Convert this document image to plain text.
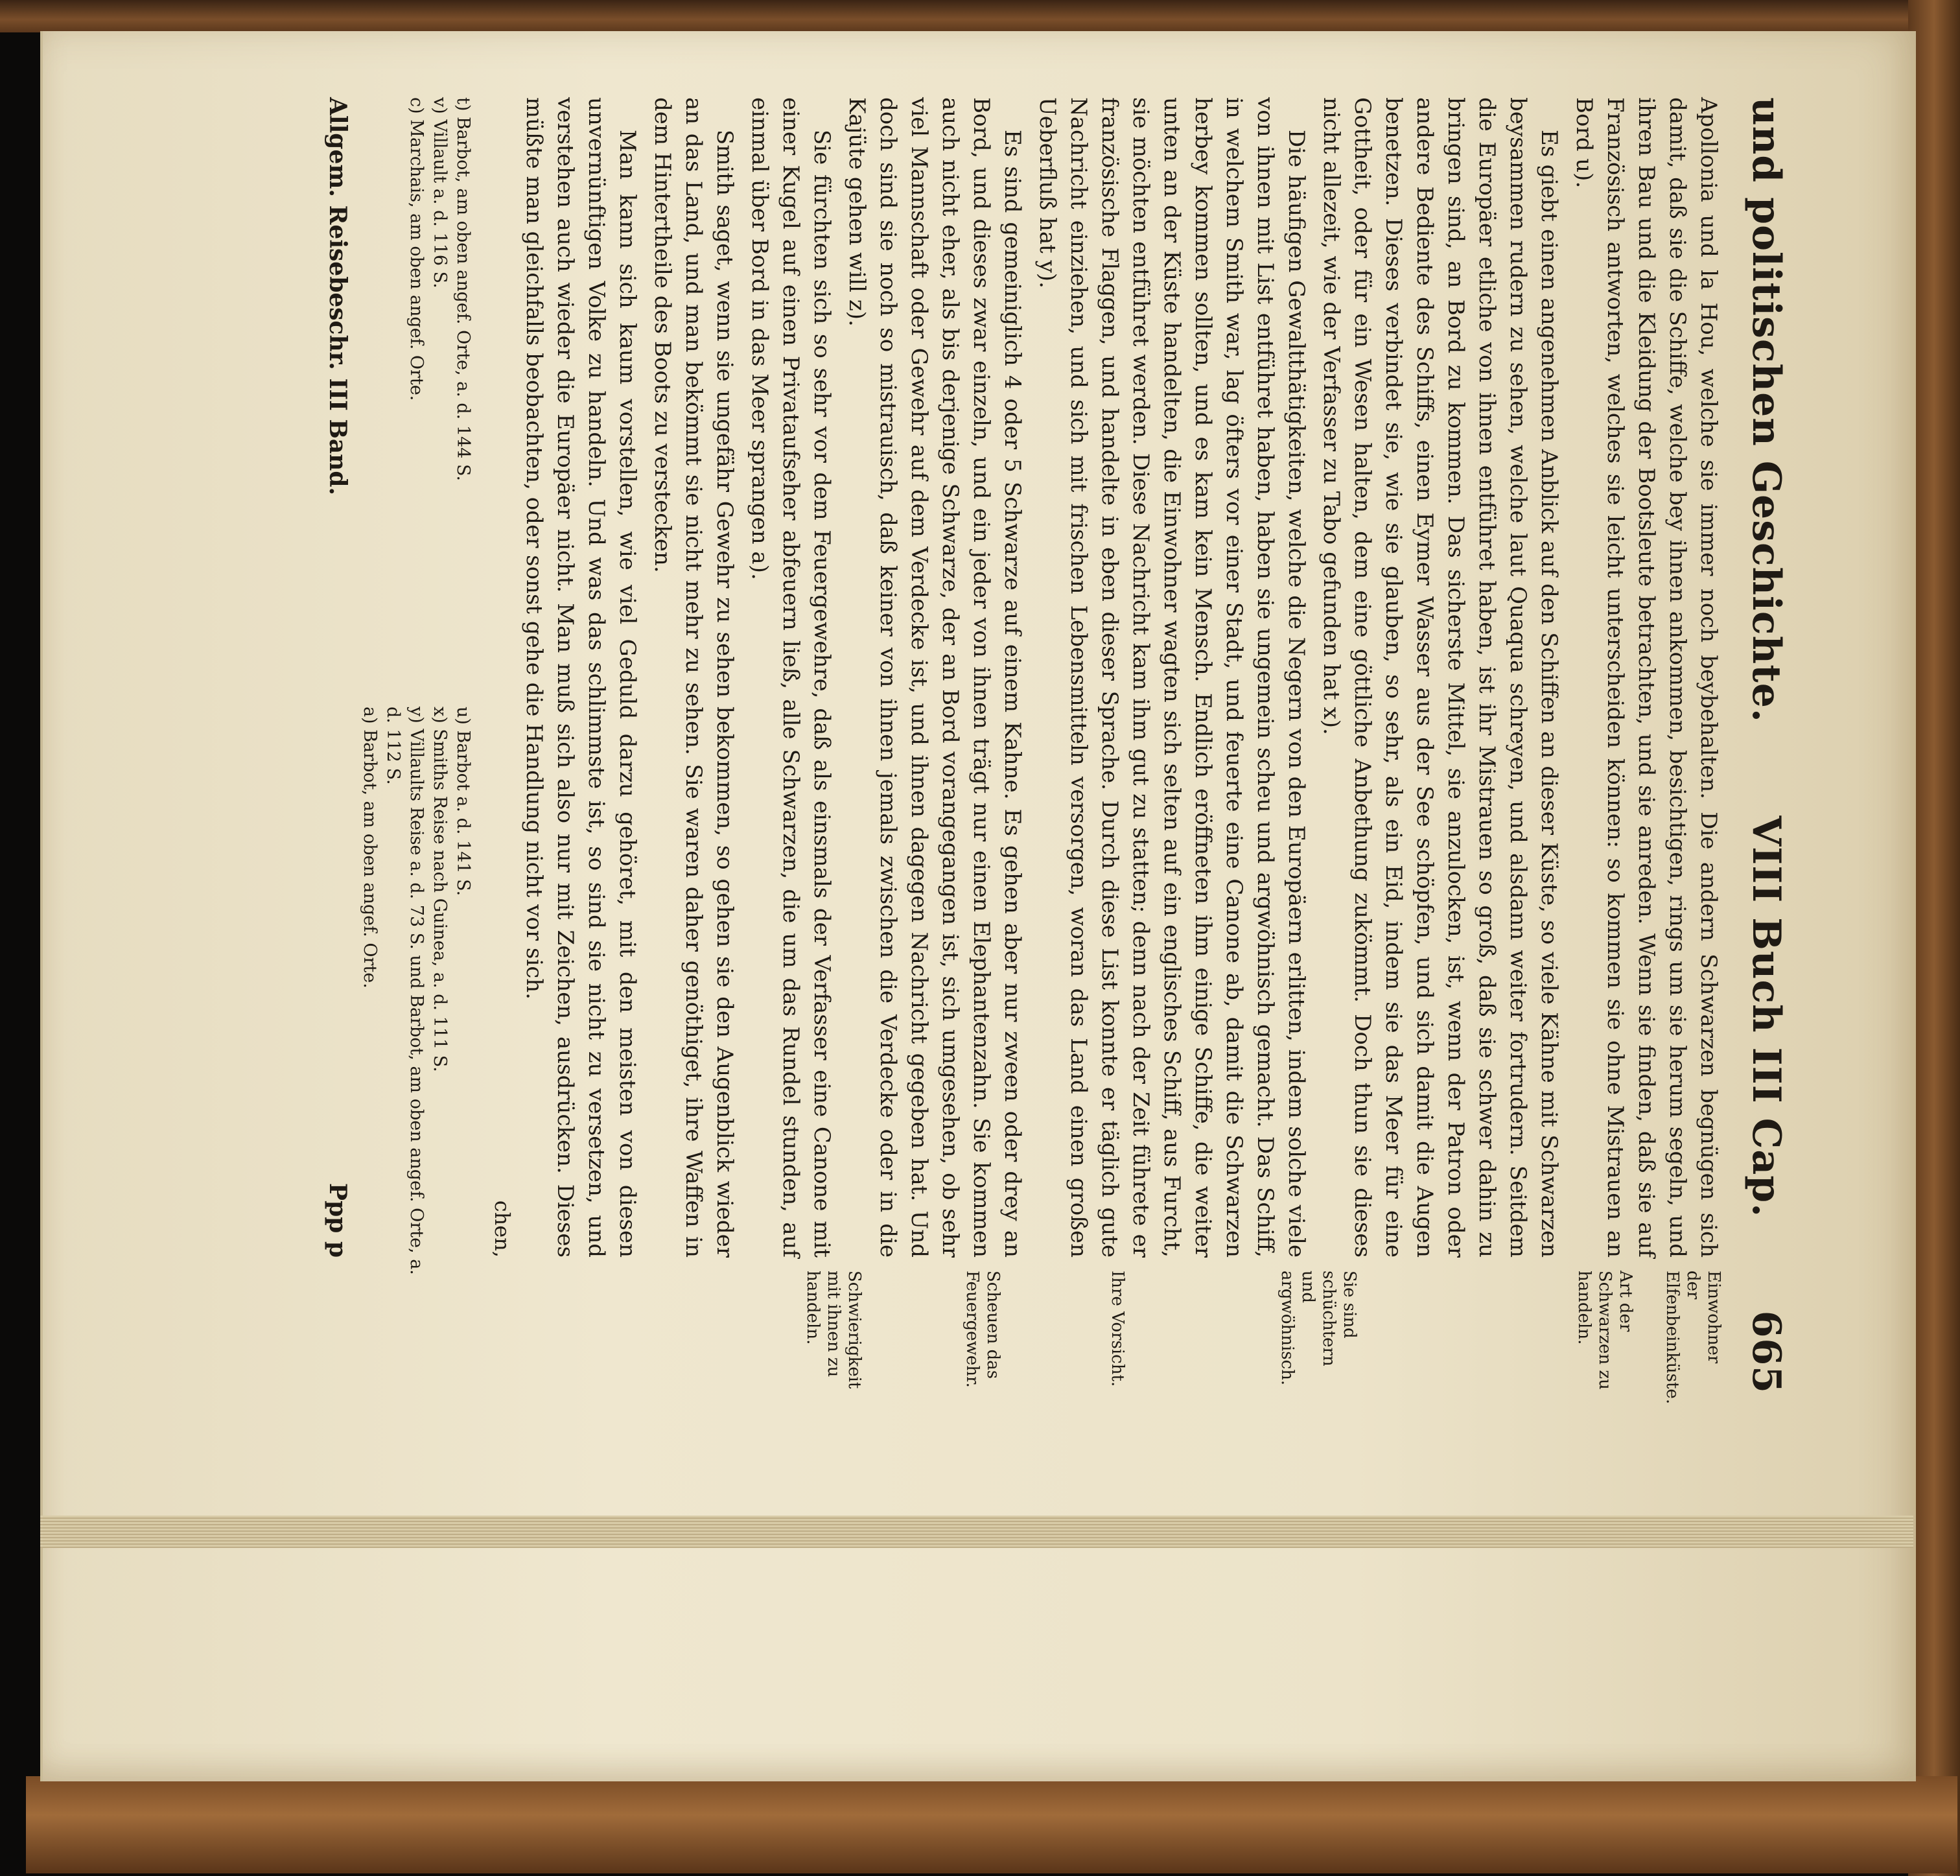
und politischen Geschichte.
VIII Buch III Cap.
665

Apollonia und la Hou, welche sie immer noch beybehalten. Die andern Schwarzen begnügen sich damit, daß sie die Schiffe, welche bey ihnen ankommen, besichtigen, rings um sie herum segeln, und ihren Bau und die Kleidung der Bootsleute betrachten, und sie anreden. Wenn sie finden, daß sie auf Französisch antworten, welches sie leicht unterscheiden können: so kommen sie ohne Mistrauen an Bord u).

Es giebt einen angenehmen Anblick auf den Schiffen an dieser Küste, so viele Kähne mit Schwarzen beysammen rudern zu sehen, welche laut Quaqua schreyen, und alsdann weiter fortrudern. Seitdem die Europäer etliche von ihnen entführet haben, ist ihr Mistrauen so groß, daß sie schwer dahin zu bringen sind, an Bord zu kommen. Das sicherste Mittel, sie anzulocken, ist, wenn der Patron oder andere Bediente des Schiffs, einen Eymer Wasser aus der See schöpfen, und sich damit die Augen benetzen. Dieses verbindet sie, wie sie glauben, so sehr, als ein Eid, indem sie das Meer für eine Gottheit, oder für ein Wesen halten, dem eine göttliche Anbethung zukömmt. Doch thun sie dieses nicht allezeit, wie der Verfasser zu Tabo gefunden hat x).

Die häufigen Gewaltthätigkeiten, welche die Negern von den Europäern erlitten, indem solche viele von ihnen mit List entführet haben, haben sie ungemein scheu und argwöhnisch gemacht. Das Schiff, in welchem Smith war, lag öfters vor einer Stadt, und feuerte eine Canone ab, damit die Schwarzen herbey kommen sollten, und es kam kein Mensch. Endlich eröffneten ihm einige Schiffe, die weiter unten an der Küste handelten, die Einwohner wagten sich selten auf ein englisches Schiff, aus Furcht, sie möchten entführet werden. Diese Nachricht kam ihm gut zu statten; denn nach der Zeit führete er französische Flaggen, und handelte in eben dieser Sprache. Durch diese List konnte er täglich gute Nachricht einziehen, und sich mit frischen Lebensmitteln versorgen, woran das Land einen großen Ueberfluß hat y).

Es sind gemeiniglich 4 oder 5 Schwarze auf einem Kahne. Es gehen aber nur zween oder drey an Bord, und dieses zwar einzeln, und ein jeder von ihnen trägt nur einen Elephantenzahn. Sie kommen auch nicht eher, als bis derjenige Schwarze, der an Bord vorangegangen ist, sich umgesehen, ob sehr viel Mannschaft oder Gewehr auf dem Verdecke ist, und ihnen dagegen Nachricht gegeben hat. Und doch sind sie noch so mistrauisch, daß keiner von ihnen jemals zwischen die Verdecke oder in die Kajüte gehen will z).

Sie fürchten sich so sehr vor dem Feuergewehre, daß als einsmals der Verfasser eine Canone mit einer Kugel auf einen Privataufseher abfeuern ließ, alle Schwarzen, die um das Rundel stunden, auf einmal über Bord in das Meer sprangen a).

Smith saget, wenn sie ungefähr Gewehr zu sehen bekommen, so gehen sie den Augenblick wieder an das Land, und man bekömmt sie nicht mehr zu sehen. Sie waren daher genöthiget, ihre Waffen in dem Hintertheile des Boots zu verstecken.

Man kann sich kaum vorstellen, wie viel Geduld darzu gehöret, mit den meisten von diesen unvernünftigen Volke zu handeln. Und was das schlimmste ist, so sind sie nicht zu versetzen, und verstehen auch wieder die Europäer nicht. Man muß sich also nur mit Zeichen, ausdrücken. Dieses müßte man gleichfalls beobachten, oder sonst gehe die Handlung nicht vor sich.

Einwohner der Elfenbeinküste.
Art der Schwarzen zu handeln.
Sie sind schüchtern und argwöhnisch.
Ihre Vorsicht.
Scheuen das Feuergewehr.
Schwierigkeit mit ihnen zu handeln.
chen,

t) Barbot, am oben angef. Orte, a. d. 144 S.

v) Villault a. d. 116 S.

c) Marchais, am oben angef. Orte.

u) Barbot a. d. 141 S.

x) Smiths Reise nach Guinea, a. d. 111 S.

y) Villaults Reise a. d. 73 S. und Barbot, am oben angef. Orte, a. d. 112 S.

a) Barbot, am oben angef. Orte.

Allgem. Reisebeschr. III Band.
Ppp p
